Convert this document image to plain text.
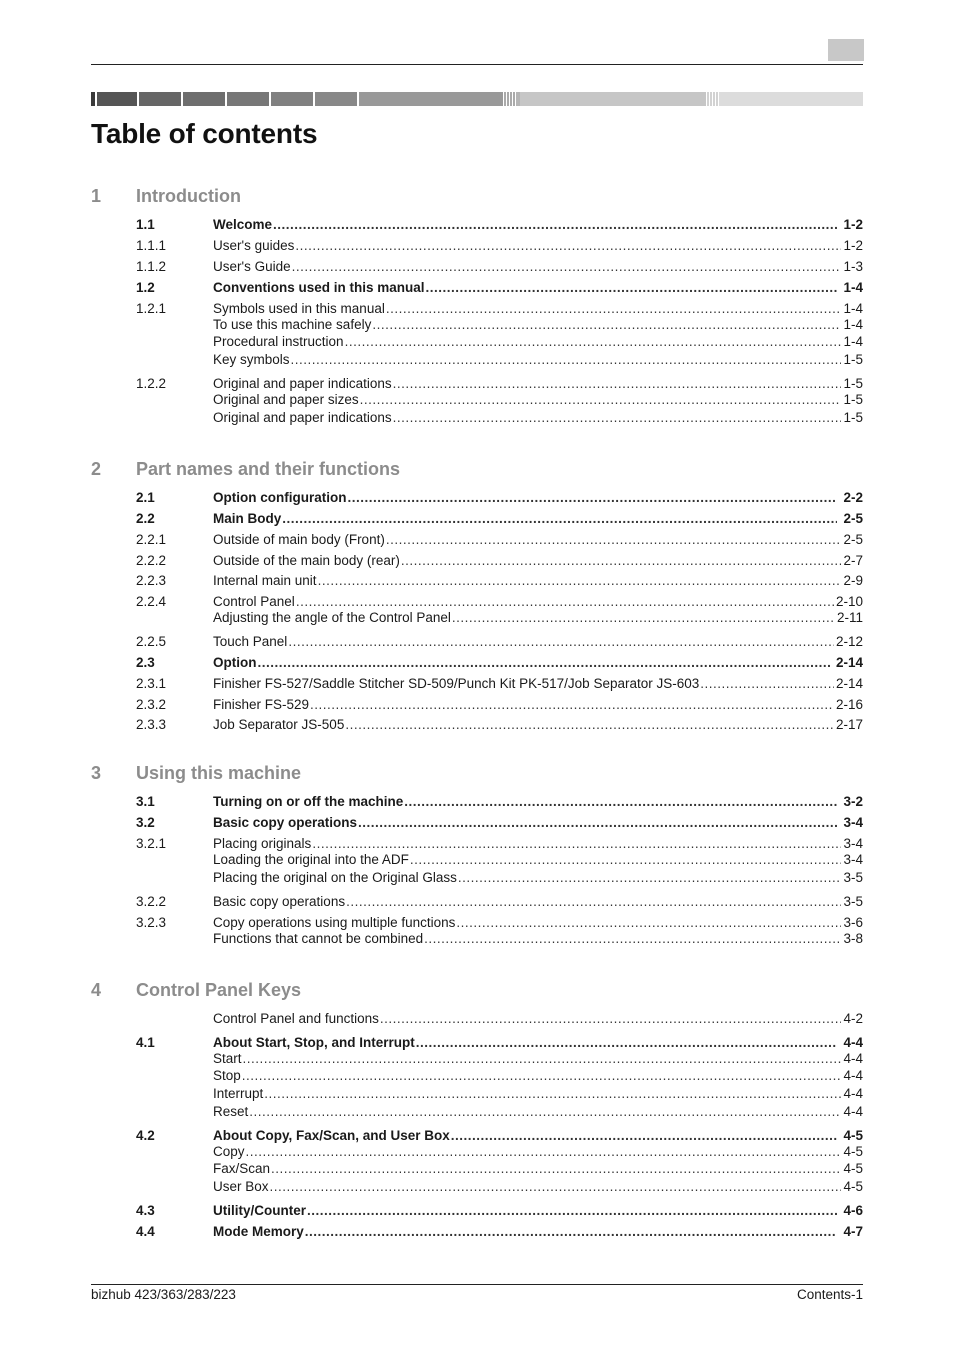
Table of contents
1 Introduction
1.1	Welcome .....	1-2
1.1.1	User's guides .....	1-2
1.1.2	User's Guide .....	1-3
1.2	Conventions used in this manual .....	1-4
1.2.1	Symbols used in this manual .....	1-4
To use this machine safely .....	1-4
Procedural instruction .....	1-4
Key symbols .....	1-5
1.2.2	Original and paper indications .....	1-5
Original and paper sizes .....	1-5
Original and paper indications .....	1-5
2 Part names and their functions
2.1	Option configuration .....	2-2
2.2	Main Body .....	2-5
2.2.1	Outside of main body (Front) .....	2-5
2.2.2	Outside of the main body (rear) .....	2-7
2.2.3	Internal main unit .....	2-9
2.2.4	Control Panel .....	2-10
Adjusting the angle of the Control Panel .....	2-11
2.2.5	Touch Panel .....	2-12
2.3	Option .....	2-14
2.3.1	Finisher FS-527/Saddle Stitcher SD-509/Punch Kit PK-517/Job Separator JS-603 .....	2-14
2.3.2	Finisher FS-529 .....	2-16
2.3.3	Job Separator JS-505 .....	2-17
3 Using this machine
3.1	Turning on or off the machine .....	3-2
3.2	Basic copy operations .....	3-4
3.2.1	Placing originals .....	3-4
Loading the original into the ADF .....	3-4
Placing the original on the Original Glass .....	3-5
3.2.2	Basic copy operations .....	3-5
3.2.3	Copy operations using multiple functions .....	3-6
Functions that cannot be combined .....	3-8
4 Control Panel Keys
Control Panel and functions .....	4-2
4.1	About Start, Stop, and Interrupt .....	4-4
Start .....	4-4
Stop .....	4-4
Interrupt .....	4-4
Reset .....	4-4
4.2	About Copy, Fax/Scan, and User Box .....	4-5
Copy .....	4-5
Fax/Scan .....	4-5
User Box .....	4-5
4.3	Utility/Counter .....	4-6
4.4	Mode Memory .....	4-7
bizhub 423/363/283/223	Contents-1
